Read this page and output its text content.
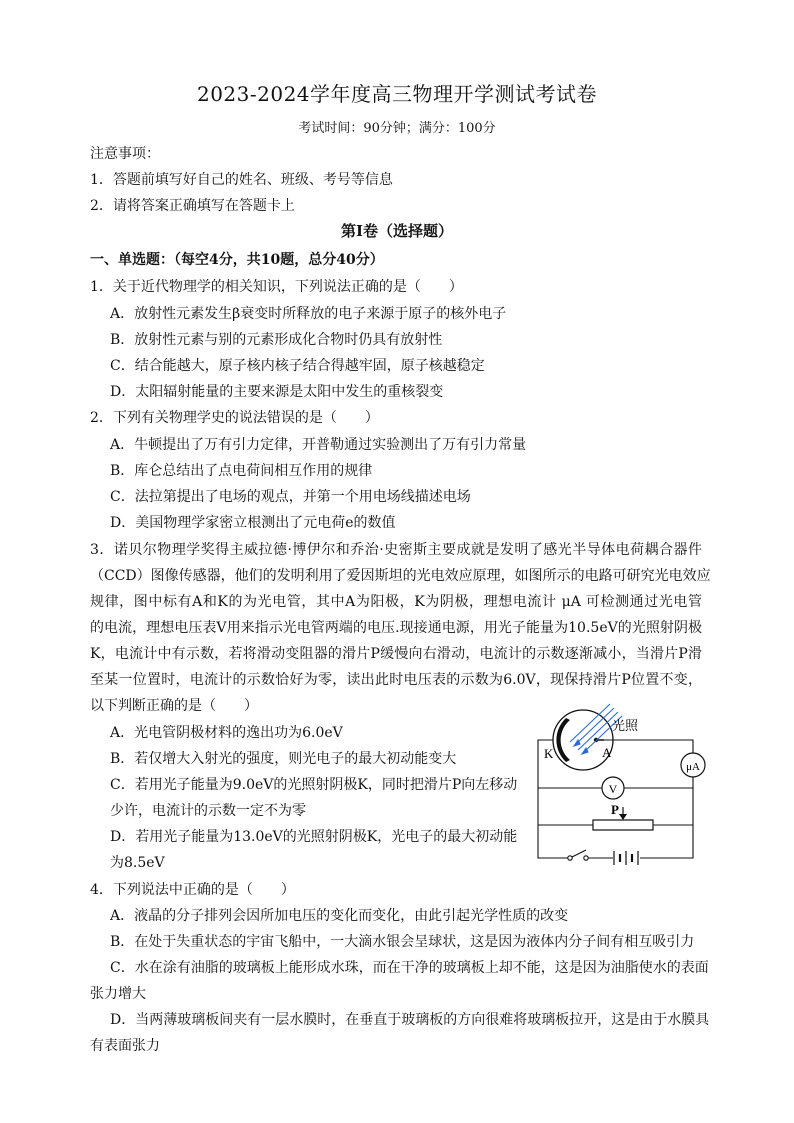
2023-2024学年度高三物理开学测试考试卷
考试时间：90分钟；满分：100分
注意事项：
1．答题前填写好自己的姓名、班级、考号等信息
2．请将答案正确填写在答题卡上
第Ⅰ卷（选择题）
一、单选题：（每空4分，共10题，总分40分）
1．关于近代物理学的相关知识，下列说法正确的是（　　）
A．放射性元素发生β衰变时所释放的电子来源于原子的核外电子
B．放射性元素与别的元素形成化合物时仍具有放射性
C．结合能越大，原子核内核子结合得越牢固，原子核越稳定
D．太阳辐射能量的主要来源是太阳中发生的重核裂变
2．下列有关物理学史的说法错误的是（　　）
A．牛顿提出了万有引力定律，开普勒通过实验测出了万有引力常量
B．库仑总结出了点电荷间相互作用的规律
C．法拉第提出了电场的观点，并第一个用电场线描述电场
D．美国物理学家密立根测出了元电荷e的数值
3．诺贝尔物理学奖得主威拉德·博伊尔和乔治·史密斯主要成就是发明了感光半导体电荷耦合器件
（CCD）图像传感器，他们的发明利用了爱因斯坦的光电效应原理，如图所示的电路可研究光电效应
规律，图中标有A和K的为光电管，其中A为阳极，K为阴极，理想电流计 μA 可检测通过光电管
的电流，理想电压表V用来指示光电管两端的电压.现接通电源，用光子能量为10.5eV的光照射阴极
K，电流计中有示数，若将滑动变阻器的滑片P缓慢向右滑动，电流计的示数逐渐减小，当滑片P滑
至某一位置时，电流计的示数恰好为零，读出此时电压表的示数为6.0V，现保持滑片P位置不变，
以下判断正确的是（　　）
A．光电管阴极材料的逸出功为6.0eV
B．若仅增大入射光的强度，则光电子的最大初动能变大
C．若用光子能量为9.0eV的光照射阴极K，同时把滑片P向左移动
少许，电流计的示数一定不为零
D．若用光子能量为13.0eV的光照射阴极K，光电子的最大初动能
为8.5eV
光照
K	A
μA
V
P
4．下列说法中正确的是（　　）
A．液晶的分子排列会因所加电压的变化而变化，由此引起光学性质的改变
B．在处于失重状态的宇宙飞船中，一大滴水银会呈球状，这是因为液体内分子间有相互吸引力
C．水在涂有油脂的玻璃板上能形成水珠，而在干净的玻璃板上却不能，这是因为油脂使水的表面
张力增大
D．当两薄玻璃板间夹有一层水膜时，在垂直于玻璃板的方向很难将玻璃板拉开，这是由于水膜具
有表面张力
